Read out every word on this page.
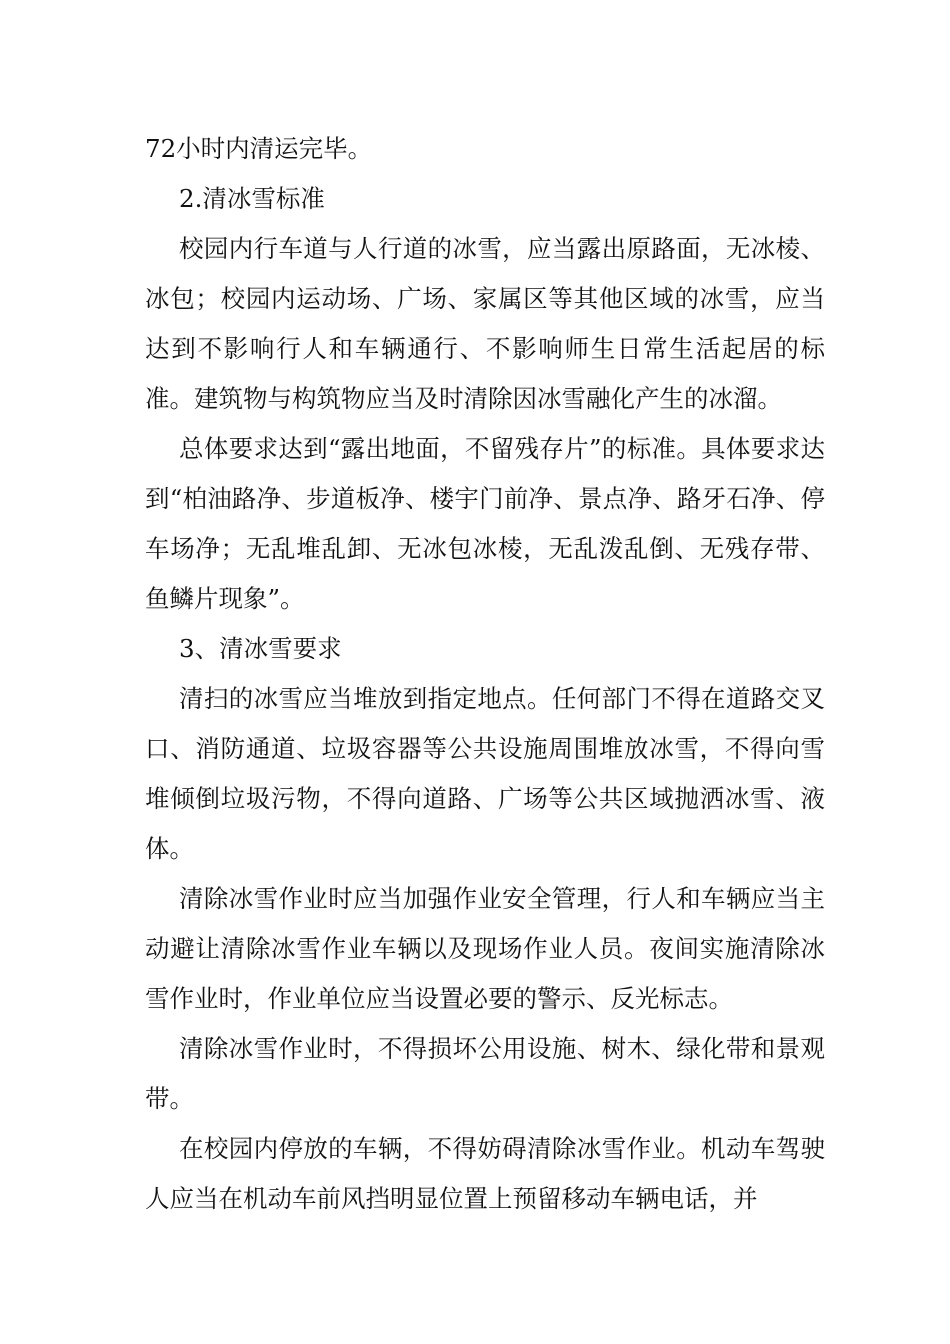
72小时内清运完毕。

2.清冰雪标准

校园内行车道与人行道的冰雪，应当露出原路面，无冰棱、冰包；校园内运动场、广场、家属区等其他区域的冰雪，应当达到不影响行人和车辆通行、不影响师生日常生活起居的标准。建筑物与构筑物应当及时清除因冰雪融化产生的冰溜。

总体要求达到“露出地面，不留残存片”的标准。具体要求达到“柏油路净、步道板净、楼宇门前净、景点净、路牙石净、停车场净；无乱堆乱卸、无冰包冰棱，无乱泼乱倒、无残存带、鱼鳞片现象”。

3、清冰雪要求

清扫的冰雪应当堆放到指定地点。任何部门不得在道路交叉口、消防通道、垃圾容器等公共设施周围堆放冰雪，不得向雪堆倾倒垃圾污物，不得向道路、广场等公共区域抛洒冰雪、液体。

清除冰雪作业时应当加强作业安全管理，行人和车辆应当主动避让清除冰雪作业车辆以及现场作业人员。夜间实施清除冰雪作业时，作业单位应当设置必要的警示、反光标志。

清除冰雪作业时，不得损坏公用设施、树木、绿化带和景观带。

在校园内停放的车辆，不得妨碍清除冰雪作业。机动车驾驶人应当在机动车前风挡明显位置上预留移动车辆电话，并
